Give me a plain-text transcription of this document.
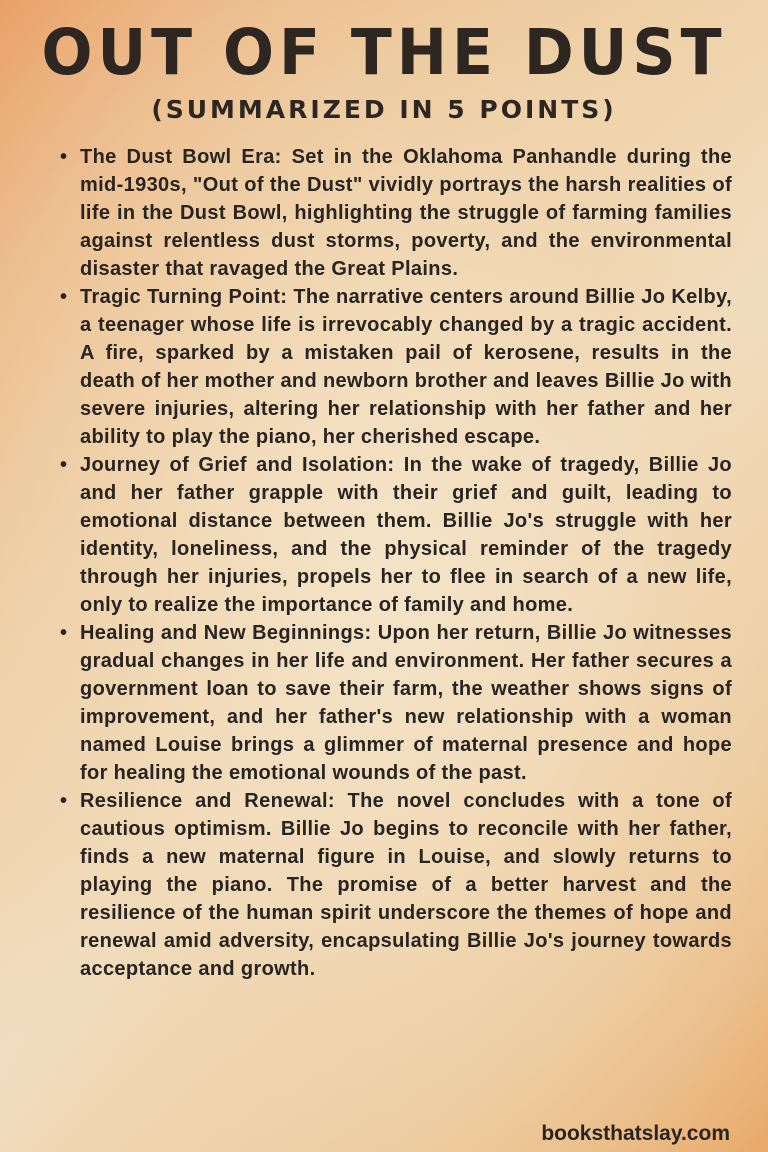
OUT OF THE DUST
(SUMMARIZED IN 5 POINTS)
• The Dust Bowl Era: Set in the Oklahoma Panhandle during the mid-1930s, "Out of the Dust" vividly portrays the harsh realities of life in the Dust Bowl, highlighting the struggle of farming families against relentless dust storms, poverty, and the environmental disaster that ravaged the Great Plains.
• Tragic Turning Point: The narrative centers around Billie Jo Kelby, a teenager whose life is irrevocably changed by a tragic accident. A fire, sparked by a mistaken pail of kerosene, results in the death of her mother and newborn brother and leaves Billie Jo with severe injuries, altering her relationship with her father and her ability to play the piano, her cherished escape.
• Journey of Grief and Isolation: In the wake of tragedy, Billie Jo and her father grapple with their grief and guilt, leading to emotional distance between them. Billie Jo's struggle with her identity, loneliness, and the physical reminder of the tragedy through her injuries, propels her to flee in search of a new life, only to realize the importance of family and home.
• Healing and New Beginnings: Upon her return, Billie Jo witnesses gradual changes in her life and environment. Her father secures a government loan to save their farm, the weather shows signs of improvement, and her father's new relationship with a woman named Louise brings a glimmer of maternal presence and hope for healing the emotional wounds of the past.
• Resilience and Renewal: The novel concludes with a tone of cautious optimism. Billie Jo begins to reconcile with her father, finds a new maternal figure in Louise, and slowly returns to playing the piano. The promise of a better harvest and the resilience of the human spirit underscore the themes of hope and renewal amid adversity, encapsulating Billie Jo's journey towards acceptance and growth.
booksthatslay.com
